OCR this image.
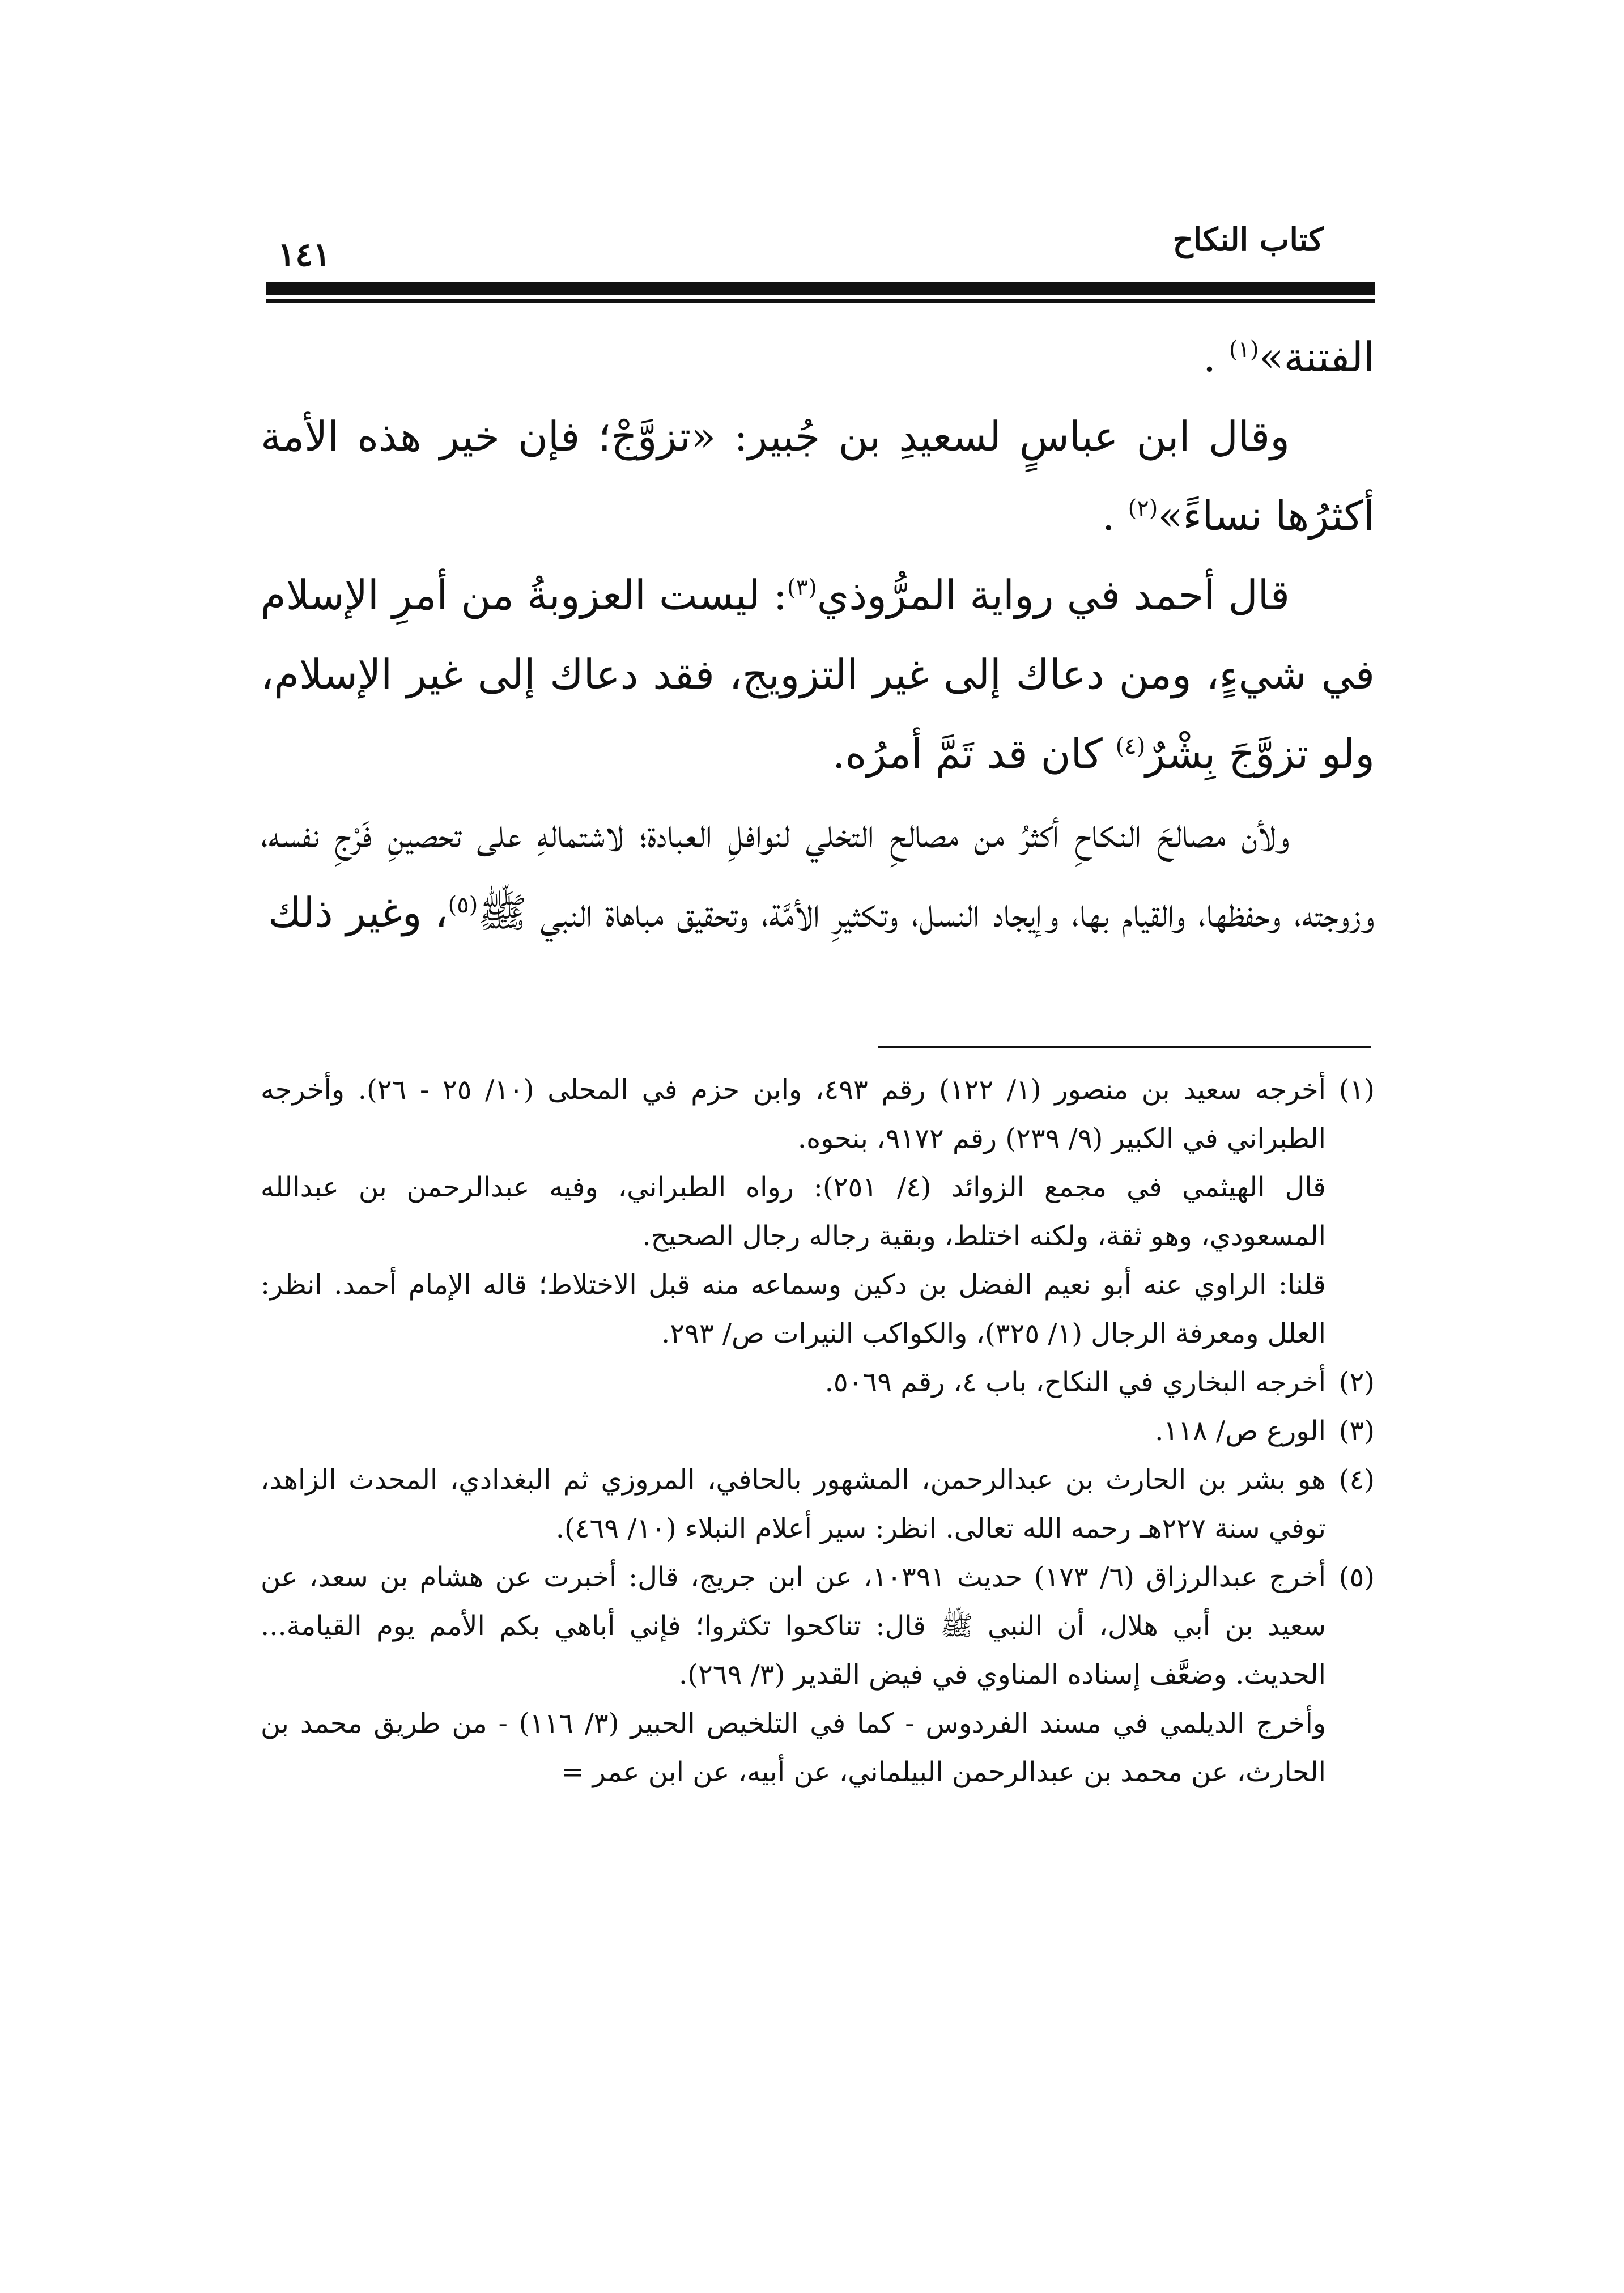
كتاب النكاح
١٤١

الفتنة»$^{(١)}$ .

وقال ابن عباسٍ لسعيدِ بن جُبير: «تزوَّجْ؛ فإن خير هذه الأمة أكثرُها نساءً»$^{(٢)}$ .

قال أحمد في رواية المرُّوذي$^{(٣)}$: ليست العزوبةُ من أمرِ الإسلام في شيءٍ، ومن دعاك إلى غير التزويج، فقد دعاك إلى غير الإسلام، ولو تزوَّجَ بِشْرٌ$^{(٤)}$ كان قد تَمَّ أمرُه.

ولأن مصالحَ النكاحِ أكثرُ من مصالحِ التخلي لنوافلِ العبادة؛ لاشتمالهِ على تحصينِ فَرْجِ نفسه، وزوجته، وحفظها، والقيام بها، وإيجاد النسل، وتكثيرِ الأمَّة، وتحقيق مباهاة النبي ﷺ$^{(٥)}$، وغير ذلك

(١)
أخرجه سعيد بن منصور (١/ ١٢٢) رقم ٤٩٣، وابن حزم في المحلى (١٠/ ٢٥ - ٢٦). وأخرجه الطبراني في الكبير (٩/ ٢٣٩) رقم ٩١٧٢، بنحوه.

قال الهيثمي في مجمع الزوائد (٤/ ٢٥١): رواه الطبراني، وفيه عبدالرحمن بن عبدالله المسعودي، وهو ثقة، ولكنه اختلط، وبقية رجاله رجال الصحيح.

قلنا: الراوي عنه أبو نعيم الفضل بن دكين وسماعه منه قبل الاختلاط؛ قاله الإمام أحمد. انظر: العلل ومعرفة الرجال (١/ ٣٢٥)، والكواكب النيرات ص/ ٢٩٣.

(٢)
أخرجه البخاري في النكاح، باب ٤، رقم ٥٠٦٩.

(٣)
الورع ص/ ١١٨.

(٤)
هو بشر بن الحارث بن عبدالرحمن، المشهور بالحافي، المروزي ثم البغدادي، المحدث الزاهد، توفي سنة ٢٢٧هـ رحمه الله تعالى. انظر: سير أعلام النبلاء (١٠/ ٤٦٩).

(٥)
أخرج عبدالرزاق (٦/ ١٧٣) حديث ١٠٣٩١، عن ابن جريج، قال: أخبرت عن هشام بن سعد، عن سعيد بن أبي هلال، أن النبي ﷺ قال: تناكحوا تكثروا؛ فإني أباهي بكم الأمم يوم القيامة... الحديث. وضعَّف إسناده المناوي في فيض القدير (٣/ ٢٦٩).

وأخرج الديلمي في مسند الفردوس - كما في التلخيص الحبير (٣/ ١١٦) - من طريق محمد بن الحارث، عن محمد بن عبدالرحمن البيلماني، عن أبيه، عن ابن عمر =
